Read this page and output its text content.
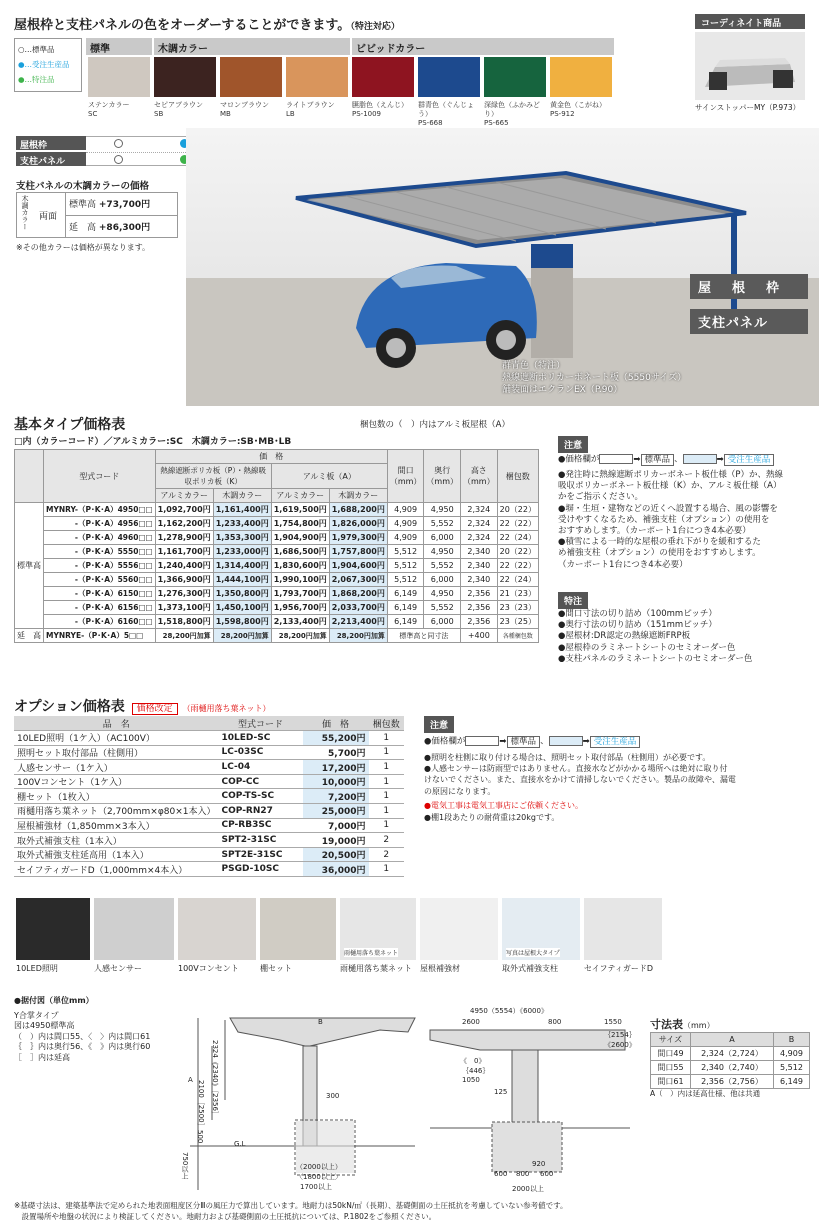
屋根枠と支柱パネルの色をオーダーすることができます。（特注対応）
○…標準品
●…受注生産品
●…特注品
標準	木調カラー	ビビッドカラー
ステンカラー
SC
セピアブラウン
SB
マロンブラウン
MB
ライトブラウン
LB
臙脂色（えんじ）
PS-1009
群青色（ぐんじょう）
PS-668
深緑色（ふかみどり）
PS-665
黄金色（こがね）
PS-912
屋根枠
支柱パネル
コーディネイト商品
サインストッパーMY（P.973）
支柱パネルの木調カラーの価格
木調カラー 両面
標準高 +73,700円
延　高 +86,300円
※その他カラーは価格が異なります。
屋　根　枠
支柱パネル
群青色（特注）
熱線遮断ポリカーボネート板（5550サイズ）
舗装面はエクランEX（P.90）
基本タイプ価格表	梱包数の（　）内はアルミ板屋根（A）
□内（カラーコード）／アルミカラー:SC　木調カラー:SB･MB･LB
	型式コード	価　格				間口（mm）	奥行（mm）	高さ（mm）	梱包数
		熱線遮断ポリカ板（P）・熱線吸収ポリカ板（K）		アルミ板（A）					
		アルミカラー	木調カラー	アルミカラー	木調カラー				
標準高	MYNRY-（P･K･A）4950□□	1,092,700円	1,161,400円	1,619,500円	1,688,200円	4,909	4,950	2,324	20（22）
	-（P･K･A）4956□□	1,162,200円	1,233,400円	1,754,800円	1,826,000円	4,909	5,552	2,324	22（22）
	-（P･K･A）4960□□	1,278,900円	1,353,300円	1,904,900円	1,979,300円	4,909	6,000	2,324	22（24）
	-（P･K･A）5550□□	1,161,700円	1,233,000円	1,686,500円	1,757,800円	5,512	4,950	2,340	20（22）
	-（P･K･A）5556□□	1,240,400円	1,314,400円	1,830,600円	1,904,600円	5,512	5,552	2,340	22（22）
	-（P･K･A）5560□□	1,366,900円	1,444,100円	1,990,100円	2,067,300円	5,512	6,000	2,340	22（24）
	-（P･K･A）6150□□	1,276,300円	1,350,800円	1,793,700円	1,868,200円	6,149	4,950	2,356	21（23）
	-（P･K･A）6156□□	1,373,100円	1,450,100円	1,956,700円	2,033,700円	6,149	5,552	2,356	23（23）
	-（P･K･A）6160□□	1,518,800円	1,598,800円	2,133,400円	2,213,400円	6,149	6,000	2,356	23（25）
延　高	MYNRYE-（P･K･A）5□□	28,200円加算	28,200円加算	28,200円加算	28,200円加算	標準高と同寸法		+400	各種梱包数
注意
●価格欄が	➡ 標準品 、	➡ 受注生産品
●発注時に熱線遮断ポリカーボネート板仕様（P）か、熱線
吸収ポリカーボネート板仕様（K）か、アルミ板仕様（A）
かをご指示ください。
●塀・生垣・建物などの近くへ設置する場合、風の影響を
受けやすくなるため、補強支柱（オプション）の使用を
おすすめします。（カーポート1台につき4本必要）
●積雪による一時的な屋根の垂れ下がりを緩和するた
め補強支柱（オプション）の使用をおすすめします。
（カーポート1台につき4本必要）
特注
●間口寸法の切り詰め（100mmピッチ）
●奥行寸法の切り詰め（151mmピッチ）
●屋根材:DR認定の熱線遮断FRP板
●屋根枠のラミネートシートのセミオーダー色
●支柱パネルのラミネートシートのセミオーダー色
オプション価格表 価格改定 （雨樋用落ち葉ネット）
品　名	型式コード	価　格	梱包数
10LED照明（1ケ入）（AC100V）	10LED-SC	55,200円	1
照明セット取付部品（柱側用）	LC-03SC	5,700円	1
人感センサー（1ケ入）	LC-04	17,200円	1
100Vコンセント（1ケ入）	COP-CC	10,000円	1
棚セット（1枚入）	COP-TS-SC	7,200円	1
雨樋用落ち葉ネット（2,700mm×φ80×1本入）	COP-RN27	25,000円	1
屋根補強材（1,850mm×3本入）	CP-RB3SC	7,000円	1
取外式補強支柱（1本入）	SPT2-31SC	19,000円	2
取外式補強支柱延高用（1本入）	SPT2E-31SC	20,500円	2
セイフティガードD（1,000mm×4本入）	PSGD-10SC	36,000円	1
注意
●価格欄が	➡ 標準品 、	➡ 受注生産品
●照明を柱側に取り付ける場合は、照明セット取付部品（柱側用）が必要です。
●人感センサーは防雨型ではありません。直接水などがかかる場所へは絶対に取り付
けないでください。また、直接水をかけて清掃しないでください。製品の故障や、漏電
の原因になります。
●電気工事は電気工事店にご依頼ください。
●棚1段あたりの耐荷重は20kgです。
10LED照明	人感センサー	100Vコンセント	棚セット	雨樋用落ち葉ネット 屋根補強材	取外式補強支柱	セイフティガードD
雨樋用落ち葉ネット	写真は屋根大タイプ
●据付図（単位mm）
Y合掌タイプ
図は4950標準高
（　）内は間口55、〈　〉内は間口61
｛　｝内は奥行56、《　》内は奥行60
［　］内は延高
B
A 2100［2500］ 2324《2340》［2356］
500
300
G.L
750以上	（2000以上）
〈1800以上〉
1700以上
4950（5554）《6000》
2600	800	1550
｛2154｝
《2600》
《　0》
｛446｝
1050
125
920
600 800 600
2000以上
寸法表（mm）
サイズ	A	B
間口49	2,324（2,724）	4,909
間口55	2,340（2,740）	5,512
間口61	2,356（2,756）	6,149
A（　）内は延高仕様、他は共通
※基礎寸法は、建築基準法で定められた地表面粗度区分Ⅲの風圧力で算出しています。地耐力は50kN/㎡（長期）、基礎側面の土圧抵抗を考慮していない参考値です。
　設置場所や地盤の状況により検証してください。地耐力および基礎側面の土圧抵抗については、P.1802をご参照ください。
